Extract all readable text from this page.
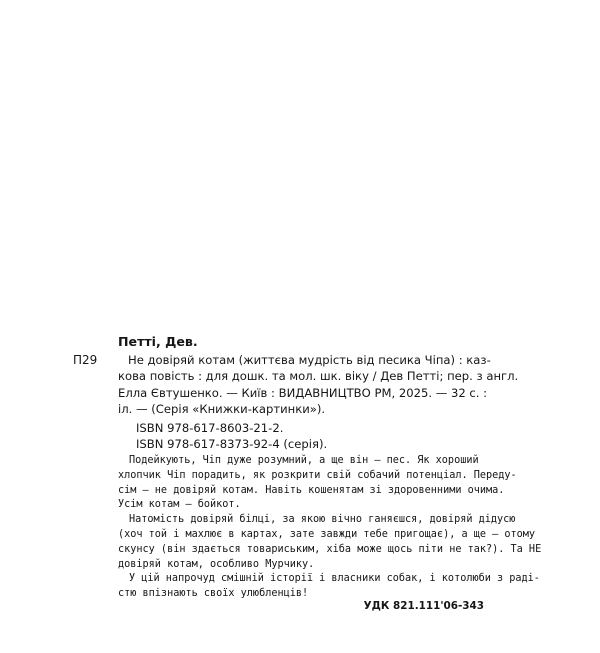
Петті, Дев.
П29	Не довіряй котам (життєва мудрість від песика Чіпа) : каз-
кова повість : для дошк. та мол. шк. віку / Дев Петті; пер. з англ.
Елла Євтушенко. — Київ : ВИДАВНИЦТВО РМ, 2025. — 32 с. :
іл. — (Серія «Книжки-картинки»).
ISBN 978-617-8603-21-2.
ISBN 978-617-8373-92-4 (серія).
Подейкують, Чіп дуже розумний, а ще він — пес. Як хороший
хлопчик Чіп порадить, як розкрити свій собачий потенціал. Переду-
сім — не довіряй котам. Навіть кошенятам зі здоровенними очима.
Усім котам — бойкот.
Натомість довіряй білці, за якою вічно ганяєшся, довіряй дідусю
(хоч той і махлює в картах, зате завжди тебе пригощає), а ще — отому
скунсу (він здається товариським, хіба може щось піти не так?). Та НЕ
довіряй котам, особливо Мурчику.
У цій напрочуд смішній історії і власники собак, і котолюби з раді-
стю впізнають своїх улюбленців!
УДК 821.111'06-343
